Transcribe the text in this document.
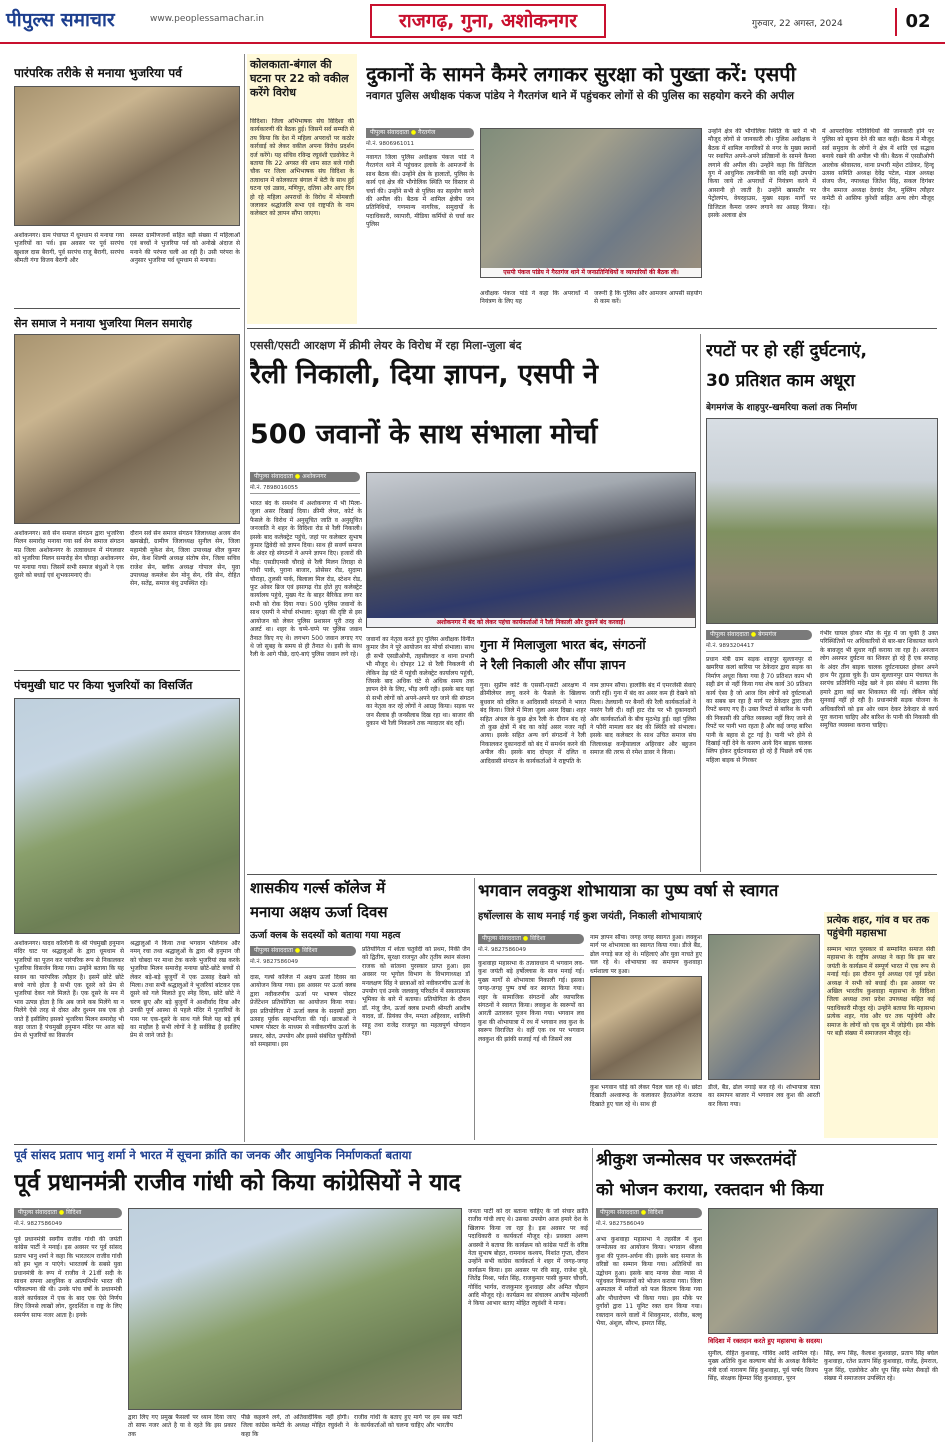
पीपुल्स समाचार	www.peoplessamachar.in	राजगढ़, गुना, अशोकनगर	गुरुवार, 22 अगस्त, 2024	02
पारंपरिक तरीके से मनाया भुजरिया पर्व
अशोकनगर। ग्राम पंचायत में धूमधाम से मनाया गया भुजरियों का पर्व। इस अवसर पर पूर्व सरपंच खुशाल दास बैरागी, पूर्व सरपंच राजू बैरागी, सरपंच श्रीमती गंगा विजय बैरागी और
समस्त ग्रामीणजनों सहित बड़ी संख्या में महिलाओं एवं बच्चों ने भुजरिया पर्व को अनोखे अंदाज से मनाने की परंपरा चली आ रही है। उसी परंपरा के अनुसार भुजरिया पर्व धूमधाम से मनाया।
कोलकाता-बंगाल की घटना पर 22 को वकील करेंगे विरोध
विदिशा। जिला अभिभाषक संघ विदिशा की कार्यकारणी की बैठक हुई। जिसमें सर्व सम्मति से तय किया कि देश में महिला अपराधों पर कठोर कार्रवाई को लेकर वकील अपना विरोध प्रदर्शन दर्ज करेंगे। यह संचिव रविन्द्र रघुवंशी एडवोकेट ने बताया कि 22 अगस्त की शाम सात बजे गांधी चौक पर जिला अभिभाषक संघ विदिशा के तत्वाधान में कोलकाता बंगाल में बेटी के साथ हुई घटना एवं उन्नाव, मणिपुर, दतिया और आए दिन हो रहे महिला अपराधों के विरोध में मोमबत्ती जलाकर श्रद्धांजलि सभा एवं राष्ट्रपति के नाम कलेक्टर को ज्ञापन सौंपा जाएगा।
दुकानों के सामने कैमरे लगाकर सुरक्षा को पुख्ता करें: एसपी
नवागत पुलिस अधीक्षक पंकज पांडेय ने गैरतगंज थाने में पहुंचकर लोगों से की पुलिस का सहयोग करने की अपील
पीपुल्स संवाददाता ● गैरतगंज
मो.नं. 9806961011
नवागत जिला पुलिस अधीक्षक पंकज पांडे ने गैरतगंज थाने में पहुंचकर इलाके के आमजनों के साथ बैठक की। उन्होंने क्षेत्र के हालातों, पुलिस के कार्य एवं क्षेत्र की भौगोलिक स्थिति पर विस्तार से चर्चा की। उन्होंने सभी से पुलिस का सहयोग करने की अपील की। बैठक में शामिल क्षेत्रीय जन प्रतिनिधियों, गणमान्य नागरिक, समुदायों के पदाधिकारी, व्यापारी, मीडिया कर्मियों से चर्चा कर पुलिस
एसपी पंकज पांडेय ने गैरतगंज थाने में जनप्रतिनिधियों व व्यापारियों की बैठक ली।
अधीक्षक पंकज पांडे ने कहा कि अपराधों में नियंत्रण के लिए यह
जरूरी है कि पुलिस और आमजन आपसी सहयोग से काम करें।
उन्होंने क्षेत्र की भौगोलिक स्थिति के बारे में भी मौजूद लोगों से जानकारी ली। पुलिस अधीक्षक ने बैठक में शामिल नागरिकों से नगर के मुख्य स्थानों पर स्थापित अपने-अपने प्रतिष्ठानों के सामने कैमरा लगाने की अपील की। उन्होंने कहा कि डिजिटल युग में आधुनिक तकनीकी का यदि सही उपयोग किया जाये तो अपराधों में नियंत्रण करने में आसानी हो जाती है। उन्होंने खासतौर पर पेट्रोलपंप, वेयरहाउस, मुख्य सड़क मार्गों पर डिजिटल कैमरा जरूर लगाने का आग्रह किया। इसके अलावा क्षेत्र
में आपराधिक गतिविधियों की जानकारी होने पर पुलिस को सूचना देने की बात कही। बैठक में मौजूद सर्व समुदाय के लोगों ने क्षेत्र में शांति एवं सद्भाव बनाये रखने की अपील भी की। बैठक में एसडीओपी आलोक श्रीवास्तव, थाना प्रभारी महेश टांडेकर, हिन्दू उत्सव समिति अध्यक्ष देवेंद्र पटेल, मंडल अध्यक्ष संजय जैन, नपाध्यक्ष जितेश सिंह, सकल दिगंबर जैन समाज अध्यक्ष देवचंद जैन, मुस्लिम त्यौहार कमेटी से आसिफ कुरेशी सहित अन्य लोग मौजूद रहे।
सेन समाज ने मनाया भुजरिया मिलन समारोह
अशोकनगर। सर्व सेन समाज संगठन द्वारा भुजरिया मिलन समारोह मनाया गया सर्व सेन समाज संगठन मप्र जिला अशोकनगर के तत्वावधान में मंगलवार को भुजरिया मिलन समारोह सेन चौराहा अशोकनगर पर मनाया गया। जिसमें सभी समाज बंधुओं ने एक दूसरे को बधाई एवं शुभकामनाएं दी।
दौरान सर्व सेन समाज संगठन जिलाध्यक्ष अजय सेन खमखेड़ी, ग्रामीण जिलाध्यक्ष सुनील सेन, जिला महामंत्री मुकेश सेन, जिला उपाध्यक्ष शील कुमार सेन, केश शिल्पी अध्यक्ष संतोष सेन, जिला सचिव राजेश सेन, ब्लॉक अध्यक्ष गोपाल सेन, युवा उपाध्यक्ष कमलेश सेन मोनू सेन, रवि सेन, रोहित सेन, सतेंद्र, समाज बंधु उपस्थित रहे।
पंचमुखी घाट पर किया भुजरियों का विसर्जित
अशोकनगर। यादव कॉलोनी के श्री पंचमुखी हनुमान मंदिर घाट पर श्रद्धालुओं के द्वारा धूमधाम से भुजरियों का पूजन कर पारंपरिक रूप से निकालकर भुजरिया विसर्जन किया गया। उन्होंने बताया कि यह सावन का पारंपरिक त्यौहार है। इसमें छोटे छोटे बच्चे नाचे होता है सभी एक दूसरे को प्रेम से भुजरियां देकर गले मिलते हैं। एक दूसरे के मन में भाव उत्पन्न होता है कि अब जाने कब मिलेंगे या न मिलेंगे ऐसे तरह से दोस्त और दुश्मन सब एक हो जाते हैं इसीलिए इसको भुजरिया मिलन समारोह भी कहा जाता है पंचमुखी हनुमान मंदिर पर आज बड़े प्रेम से भुजरियों का विसर्जन
श्रद्धालुओं ने किया तथा भगवान भोलेनाथ और नमन् रचा तथा श्रद्धालुओं के द्वारा श्री हनुमान जी को चोबदा पर माथा टेक करके भुजरियां रख करके भुजरिया मिलन समारोह मनाया छोटे-छोटे बच्चों से लेकर बड़े-बड़े बुजुर्गों में एक उत्साह देखने को मिला। तथा सभी श्रद्धालुओं ने भुजरियां बांटकर एक दूसरे को गले मिलाते हुए स्नेह दिया, छोटे छोटे ने चरण छूए और बड़े बुजुर्गों ने आशीर्वाद दिया और उनकी पूर्ण आस्था से पहले मंदिर में पुजारियों के पास पर एक-दूसरे के साथ गले मिले यह बड़े हर्ष का माहौल है सभी लोगों ने है सर्वविद्य है इसलिए प्रेम से जाने जाते है।
एससी/एसटी आरक्षण में क्रीमी लेयर के विरोध में रहा मिला-जुला बंद
रैली निकाली, दिया ज्ञापन, एसपी ने
500 जवानों के साथ संभाला मोर्चा
पीपुल्स संवाददाता ● अशोकनगर
मो.नं. 7898016055
भारत बंद के समर्थन में अशोकनगर में भी मिला-जुला असर दिखाई दिया। क्रीमी लेयर, कोर्ट के फैसले के विरोध में अनुसूचित जाति व अनुसूचित जनजाति ने शहर के विदिशा रोड से रैली निकाली। इसके बाद कलेक्ट्रेट पहुंचे, जहां पर कलेक्टर सुभाष कुमार द्विवेदी को ज्ञापन दिया। साथ ही सवर्ण समाज के अंदर रहे संगठनों ने अपने ज्ञापन दिए। हजारों की भीड़: एसडीएमसी चौराहे से रैली मिलन तिराहा से गांधी पार्क, पुराना बाजार, प्रोसेसर रोड, सुदामा चौराहा, तुलसी पार्क, बिलाला मिल रोड, स्टेशन रोड, फूट ओवर ब्रिज एवं इसागढ़ रोड होते हुए कलेक्ट्रेट कार्यालय पहुंचे, मुख्य गेट के बाहर बैरिकेड लगा कर सभी को रोक दिया गया। 500 पुलिस जवानों के साथ एसपी ने मोर्चा संभाला: सुरक्षा की दृष्टि से इस आयोजन को लेकर पुलिस प्रशासन पूरी तरह से अलर्ट था। शहर के चप्पे-चप्पे पर पुलिस जवान तैनात किए गए थे। लगभग 500 जवान लगाए गए थे जो सुबह के समय से ही तैनात थे। इसी के साथ रैली के आगे पीछे, दाएं-बाएं पुलिस जवान लगे रहे।
अशोकनगर में बंद को लेकर पहंचा कार्यकर्ताओं ने रैली निकाली और दुकानें बंद करवाईं।
जवानों का नेतृत्व करते हुए पुलिस अधीक्षक विनीत कुमार जैन ने पूरे आयोजन का मोर्चा संभाला। साथ ही सभी एसडीओपी, तहसीलदार व थाना प्रभारी भी मौजूद थे। दोपहर 12 से रैली निकलनी थी लेकिन डेढ़ घंटे में पहुंची कलेक्ट्रेट कार्यालय पहुंची, जिसके बाद अधिक घंटे से अधिक समय तक ज्ञापन देने के लिए, भीड़ लगी रही। इसके बाद यहां से सभी लोगों को अपने-अपने घर जाने की संगठन का नेतृत्व कर रहे लोगों ने आग्रह किया। सड़क पर जन सैलाब ही जनसैलाब दिख रहा था। बाजार की दुकान भी रैली निकलने तक न्यादातर बंद रहीं।
गुना में मिलाजुला भारत बंद, संगठनों
ने रैली निकाली और सौंपा ज्ञापन
गुना। सुप्रीम कोर्ट के एससी-एसटी आरक्षण में क्रीमीलेयर लागू करने के फैसले के खिलाफ बुधवार को दलित व आदिवासी संगठनों ने भारत बंद किया। जिले में मिला जुला असर दिखा। शहर सहित अंचल के कुछ क्षेत्र रैली के दौरान बंद रहे तो कुछ क्षेत्रों में बंद का कोई असर नजर नहीं आया। इसके सहित अन्य वर्ग संगठनों ने रैली निकालकर दुकानदारों को बंद में समर्थन करने की अपील की। इसके बाद दोपहर में दलित व आदिवासी संगठन के कार्यकर्ताओं ने राष्ट्रपति के
नाम ज्ञापन सौंपा। हालांकि बंद में एमरजेंसी सेवाएं जारी रहीं। गुना में बंद का असर कम ही देखने को मिला। तेलघानी पर बैनरों की रैली कार्यकर्ताओं ने नवरंग रैली दी। वहीं हाट रोड पर भी दुकानदारों और कार्यकर्ताओं के बीच मुठभेड़ हुई। वहां पुलिस ने फौरी मामला कर बंद की स्थिति को संभाला। इसके बाद कलेक्टर के साथ उचित समाज संघ जिलाध्यक्ष कन्हैयालाल अहिरवार और बहुजन समाज की तरफ से रमेश डावर ने किया।
रपटों पर हो रहीं दुर्घटनाएं,
30 प्रतिशत काम अधूरा
बेगमगंज के शाहपुर-खमरिया कलां तक निर्माण
पीपुल्स संवाददाता ● बेगमगंज
मो.नं. 9893204417
प्रधान मंत्री ग्राम सड़क शाहपुर सुल्तानपुर से खमरिया कलां बारिया पर ठेकेदार द्वारा सड़क का निर्माण अधूरा किया गया है 70 प्रतिशत काम भी सही ढंग से नहीं किया गया शेष कार्य 30 प्रतिशत कार्य ऐसा है जो आज दिन लोगों को दुर्घटनाओं का सबब बन रहा है मार्ग पर ठेकेदार द्वारा तीन रिपटें बनाए गए हैं। उक्त रिपटों से बारिश के पानी की निकासी की उचित व्यवस्था नहीं किए जाने से रिपटें पर पानी भरा रहता है और कई जगह बारिश पानी के बहाव से टूट गई है। पानी भरे होने से दिखाई नहीं देने के कारण आये दिन बाइक चालक स्लिप होकर दुर्घटनाग्रस्त हो रहे हैं पिछले वर्ष एक महिला बाइक से गिरकर
गंभीर घायल होकर मौत के मुंह में जा चुकी है उक्त परिस्थितियों पर अधिकारियों से बार-बार शिकायत करने के बावजूद भी सुधार नहीं कराया जा रहा है। अनजान लोग असफर दुर्घटना का शिकार हो रहे हैं एक सप्ताह के अंदर तीन बाइक चालक दुर्घटनाग्रस्त होकर अपने हाथ पैर तुड़वा चुके हैं। ग्राम सुल्तानपुर ग्राम पंचायत के सरपंच प्रतिनिधि महेंद्र खरे ने इस संबंध में बताया कि हमारे द्वारा कई बार शिकायत की गई। लेकिन कोई सुनवाई नहीं हो रही है। प्रधानमंत्री सड़क योजना के अधिकारियों को इस ओर ध्यान देकर ठेकेदार से कार्य पूरा कराना चाहिए और बारिश के पानी की निकासी की समुचित व्यवस्था कराना चाहिए।
शासकीय गर्ल्स कॉलेज में
मनाया अक्षय ऊर्जा दिवस
ऊर्जा क्लब के सदस्यों को बताया गया महत्व
पीपुल्स संवाददाता ● विदिशा
मो.नं. 9827586049
दास, गर्ल्स कॉलेज में अक्षय ऊर्जा दिवस का आयोजन किया गया। इस अवसर पर ऊर्जा क्लब द्वारा नवीकरणीय ऊर्जा पर भाषण पोस्टर प्रेजेंटेशन प्रतियोगिता का आयोजन किया गया। इस प्रतियोगिता में ऊर्जा क्लब के सदस्यों द्वारा उत्साह पूर्वक सहभागिता की गई। छात्राओं ने भाषण पोस्टर के माध्यम से नवीकरणीय ऊर्जा के प्रकार, स्रोत, उपयोग और इससे संबंधित चुनौतियों को समझाया। इस
प्रतियोगिता में श्वेता चतुर्वेदी को प्रथम, निकी जैन को द्वितीय, सुरक्षा राजपूत और तृतीय स्थान संजना राजक को सांत्वना पुरस्कार प्राप्त हुआ। इस अवसर पर भूगोल विभाग के विभागाध्यक्ष डॉ मनलक्षण सिंह ने छात्राओं को नवीकरणीय ऊर्जा के उपयोग एवं उनके जलवायु परिवर्तन में सकारात्मक भूमिका के बारे में बताया। प्रतियोगिता के दौरान डॉ. मंजू जैन, ऊर्जा क्लब प्रभारी श्रीमती आशीष यादव, डॉ. प्रियंका जैन, ममता अहिरवार, शालिनी साहू तथा राजेंद्र राजपूत का महत्वपूर्ण योगदान रहा।
भगवान लवकुश शोभायात्रा का पुष्प वर्षा से स्वागत
हर्षोल्लास के साथ मनाई गई कुश जयंती, निकाली शोभायात्राएं
पीपुल्स संवाददाता ● विदिशा
मो.नं. 9827586049
कुशवाहा महासभा के तत्वावधान में भगवान लव-कुश जयंती बड़े हर्षोल्लास के साथ मनाई गई। मुख्य मार्गों से शोभायात्रा निकाली गई। इसका जगह-जगह पुष्प वर्षा कर स्वागत किया गया। शहर के सामाजिक संगठनों और व्यापारिक संगठनों ने स्वागत किया। लवकुश के स्वरूपों का आरती उतारकर पूजन किया गया। भगवान लव कुश की शोभायात्रा में रथ में भगवान लव कुश के स्वरूप विराजित थे। वहीं एक रथ पर भगवान लवकुश की झांकी सजाई गई थी जिसमें लव
नाम ज्ञापन सौंपा। जगह जगह स्वागत हुआ। लवकुश मार्ग पर शोभायात्रा का स्वागत किया गया। डीजे बैंड, ढोल नगाड़े बज रहे थे। महिलाएं और युवा नाचते हुए चल रहे थे। शोभायात्रा का समापन कुशवाहा धर्मशाला पर हुआ।
कुश भगवान घोड़े को लेकर पैदल चल रहे थे। छोटा दिखाती अश्वारूढ़ के कलाकार हैरतअंगेज करतब दिखाते हुए चल रहे थे। साथ ही
डीजे, बैंड, ढोल नगाड़े बज रहे थे। शोभायात्रा यात्रा का समापन बाजार में भगवान लव कुश की आरती कर किया गया।
प्रत्येक शहर, गांव व घर तक पहुंचेगी महासभा
सम्मान भारत पुरस्कार से सम्मानित समाज सेवी महासभा के राष्ट्रीय अध्यक्ष ने कहा कि इस बार जयंती के कार्यक्रम में सम्पूर्ण भारत में एक रूप से मनाई गई। इस दौरान पूर्व अध्यक्ष एवं पूर्व प्रदेश अध्यक्ष ने सभी को बधाई दी। इस अवसर पर अखिल भारतीय कुशवाहा महासभा के विदिशा जिला अध्यक्ष तथा प्रदेश उपाध्यक्ष सहित कई पदाधिकारी मौजूद रहे। उन्होंने बताया कि महासभा प्रत्येक शहर, गांव और घर तक पहुंचेगी और समाज के लोगों को एक सूत्र में जोड़ेगी। इस मौके पर बड़ी संख्या में समाजजन मौजूद रहे।
पूर्व सांसद प्रताप भानु शर्मा ने भारत में सूचना क्रांति का जनक और आधुनिक निर्माणकर्ता बताया
पूर्व प्रधानमंत्री राजीव गांधी को किया कांग्रेसियों ने याद
पीपुल्स संवाददाता ● विदिशा
मो.नं. 9827586049
पूर्व प्रधानमंत्री स्वर्गीय राजीव गांधी की जयंती कांग्रेस पार्टी ने मनाई। इस अवसर पर पूर्व सांसद प्रताप भानु शर्मा ने कहा कि भारतरत्न राजीव गांधी को हम भूल न पाएंगे। भारतवर्ष के सबसे युवा प्रधानमंत्री के रूप में राजीव ने 21वीं सदी के साधन सपना आधुनिक व आत्मनिर्भर भारत की परिकल्पना की थी। उनके पांच वर्षों के प्रधानमंत्री काले कार्यकाल में एक के बाद एक ऐसे निर्णय लिए जिनसे लाखों लोग, दुरदर्शिता व राष्ट्र के लिए समर्पण साफ नजर आता है। इनके
द्वारा लिए गए प्रमुख फैसलों पर ध्यान दिया जाए तो साफ नजर आते है या वे रहते कि इस प्रकार तक
पीछे कहलने लगे, तो अतिवादीयिक नहीं होगी। जिला कांग्रेस कमेटी के अध्यक्ष मोहित रघुवंशी ने कहा कि
राजीव गांधी के बताए हुए मार्ग पर हम सब पार्टी के कार्यकर्ताओं को चलना चाहिए और भारतीय
जनता पार्टी को दर बताना चाहिए के जो संचार क्रांति राजीव गांधी लाए थे। उसका उपयोग आज हमारे देश के खिलाफ किया जा रहा है। इस अवसर पर कई पदाधिकारी व कार्यकर्ता मौजूद रहे। प्रवक्ता अरुण अवस्थी ने बताया कि कार्यक्रम को कांग्रेस पार्टी के वरिष्ठ नेता सुभाष बोहत, रामनाथ कश्यप, निशांत गुप्ता, दौरान उन्होंने सभी कांग्रेस कार्यकर्ता ने शहर में जगह-जगह कार्यक्रम किया। इस अवसर पर रवि साहू, राजेश दुबे, जितेंद्र मिश्रा, पर्वत सिंह, राजकुमार पासी कुमार चौधरी, गोविंद भार्गव, राजकुमार कुशवाहा और अमित चौहान आदि मौजूद रहे। कार्यक्रम का संचालन आशीष महेश्वरी ने किया आभार बताए मोहित रघुवंशी ने माना।
श्रीकुश जन्मोत्सव पर जरूरतमंदों
को भोजन कराया, रक्तदान भी किया
पीपुल्स संवाददाता ● विदिशा
मो.नं. 9827586049
अभा कुशवाहा महासभा ने तहसील में कुश जन्मोत्सव का आयोजन किया। भगवान श्रीलव कुश की पूजन-अर्चना की। इसके बाद समाज के वरिष्ठों का सम्मान किया गया। अतिथियों का उद्बोधन हुआ। इसके बाद मानव सेवा न्यास में पहुंचकर निष्कजनों को भोजन कराया गया। जिला अस्पताल में मरीजों को फल वितरण किया गया और पौधारोपण भी किया गया। इस मौके पर दुर्गांवों द्वारा 11 यूनिट रक्त दान किया गया। रक्तदान करने वालों में शिवकुमार, संजीव, बल्लू भैया, अंशुल, सौरभ, इमरत सिंह,
विदिशा में रक्तदान करते हुए महासभा के सदस्य।
सुनील, रोहित कुशवाह, गोविंद आदि शामिल रहे। मुख्य अतिथि कुश कल्याण बोर्ड के अध्यक्ष कैबिनेट मंत्री दर्जा नारायण सिंह कुशवाहा, पूर्व पार्षद विजय सिंह, संरक्षक हिम्मत सिंह कुशवाहा, पूरन
सिंह, रूप सिंह, कैलाश कुशवाहा, प्रताप सिंह बघेल कुशवाहा, रतेश प्रताप सिंह कुशवाहा, राजेंद्र, हेमराज, फूल सिंह, एडवोकेट और धूप सिंह समेत सैकड़ों की संख्या में समाजजन उपस्थित रहे।
